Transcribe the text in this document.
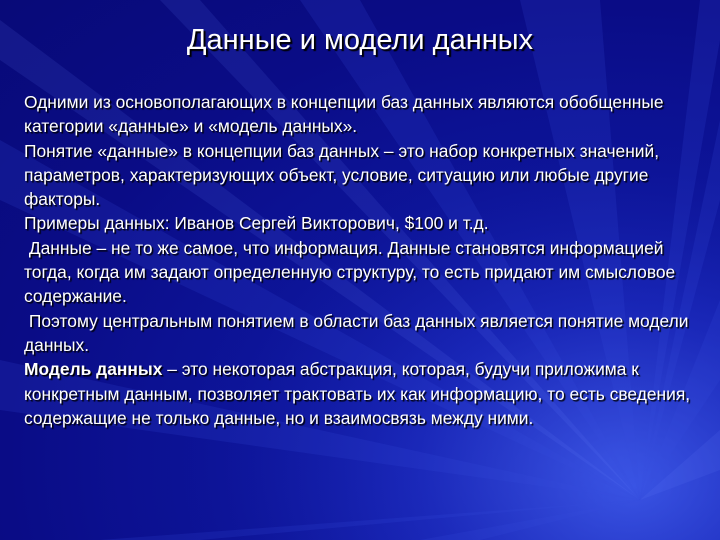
Данные и модели данных

Одними из основополагающих в концепции баз данных являются обобщенные категории «данные» и «модель данных».

Понятие «данные» в концепции баз данных – это набор конкретных значений, параметров, характеризующих объект, условие, ситуацию или любые другие факторы.

Примеры данных: Иванов Сергей Викторович, $100 и т.д.

Данные – не то же самое, что информация. Данные становятся информацией тогда, когда им задают определенную структуру, то есть придают им смысловое содержание.

Поэтому центральным понятием в области баз данных является понятие модели данных.

Модель данных – это некоторая абстракция, которая, будучи приложима к конкретным данным, позволяет трактовать их как информацию, то есть сведения, содержащие не только данные, но и взаимосвязь между ними.
